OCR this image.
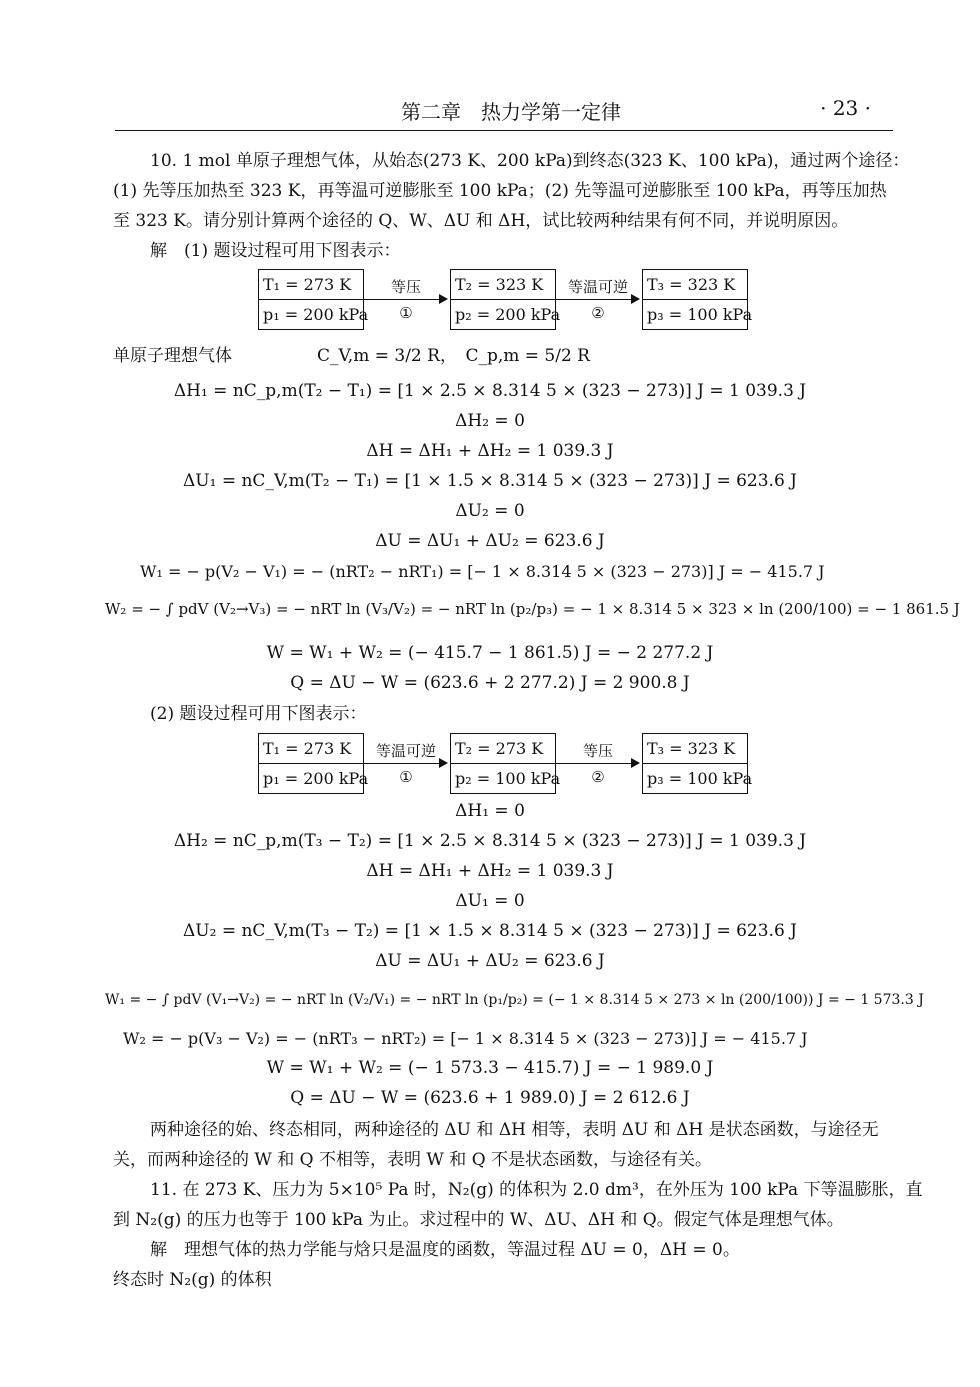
第二章　热力学第一定律	· 23 ·
10. 1 mol 单原子理想气体，从始态(273 K、200 kPa)到终态(323 K、100 kPa)，通过两个途径：
(1) 先等压加热至 323 K，再等温可逆膨胀至 100 kPa；(2) 先等温可逆膨胀至 100 kPa，再等压加热
至 323 K。请分别计算两个途径的 Q、W、ΔU 和 ΔH，试比较两种结果有何不同，并说明原因。
解　(1) 题设过程可用下图表示：
T₁ = 273 K
p₁ = 200 kPa
等压
①
T₂ = 323 K
p₂ = 200 kPa
等温可逆
②
T₃ = 323 K
p₃ = 100 kPa
单原子理想气体　　　　　C_V,m = 3/2 R，　C_p,m = 5/2 R
ΔH₁ = nC_p,m(T₂ − T₁) = [1 × 2.5 × 8.314 5 × (323 − 273)] J = 1 039.3 J
ΔH₂ = 0
ΔH = ΔH₁ + ΔH₂ = 1 039.3 J
ΔU₁ = nC_V,m(T₂ − T₁) = [1 × 1.5 × 8.314 5 × (323 − 273)] J = 623.6 J
ΔU₂ = 0
ΔU = ΔU₁ + ΔU₂ = 623.6 J
W₁ = − p(V₂ − V₁) = − (nRT₂ − nRT₁) = [− 1 × 8.314 5 × (323 − 273)] J = − 415.7 J
W₂ = − ∫ pdV (V₂→V₃) = − nRT ln (V₃/V₂) = − nRT ln (p₂/p₃) = − 1 × 8.314 5 × 323 × ln (200/100) = − 1 861.5 J
W = W₁ + W₂ = (− 415.7 − 1 861.5) J = − 2 277.2 J
Q = ΔU − W = (623.6 + 2 277.2) J = 2 900.8 J
(2) 题设过程可用下图表示：
T₁ = 273 K
p₁ = 200 kPa
等温可逆
①
T₂ = 273 K
p₂ = 100 kPa
等压
②
T₃ = 323 K
p₃ = 100 kPa
ΔH₁ = 0
ΔH₂ = nC_p,m(T₃ − T₂) = [1 × 2.5 × 8.314 5 × (323 − 273)] J = 1 039.3 J
ΔH = ΔH₁ + ΔH₂ = 1 039.3 J
ΔU₁ = 0
ΔU₂ = nC_V,m(T₃ − T₂) = [1 × 1.5 × 8.314 5 × (323 − 273)] J = 623.6 J
ΔU = ΔU₁ + ΔU₂ = 623.6 J
W₁ = − ∫ pdV (V₁→V₂) = − nRT ln (V₂/V₁) = − nRT ln (p₁/p₂) = (− 1 × 8.314 5 × 273 × ln (200/100)) J = − 1 573.3 J
W₂ = − p(V₃ − V₂) = − (nRT₃ − nRT₂) = [− 1 × 8.314 5 × (323 − 273)] J = − 415.7 J
W = W₁ + W₂ = (− 1 573.3 − 415.7) J = − 1 989.0 J
Q = ΔU − W = (623.6 + 1 989.0) J = 2 612.6 J
两种途径的始、终态相同，两种途径的 ΔU 和 ΔH 相等，表明 ΔU 和 ΔH 是状态函数，与途径无
关，而两种途径的 W 和 Q 不相等，表明 W 和 Q 不是状态函数，与途径有关。
11. 在 273 K、压力为 5×10⁵ Pa 时，N₂(g) 的体积为 2.0 dm³，在外压为 100 kPa 下等温膨胀，直
到 N₂(g) 的压力也等于 100 kPa 为止。求过程中的 W、ΔU、ΔH 和 Q。假定气体是理想气体。
解　理想气体的热力学能与焓只是温度的函数，等温过程 ΔU = 0，ΔH = 0。
终态时 N₂(g) 的体积
